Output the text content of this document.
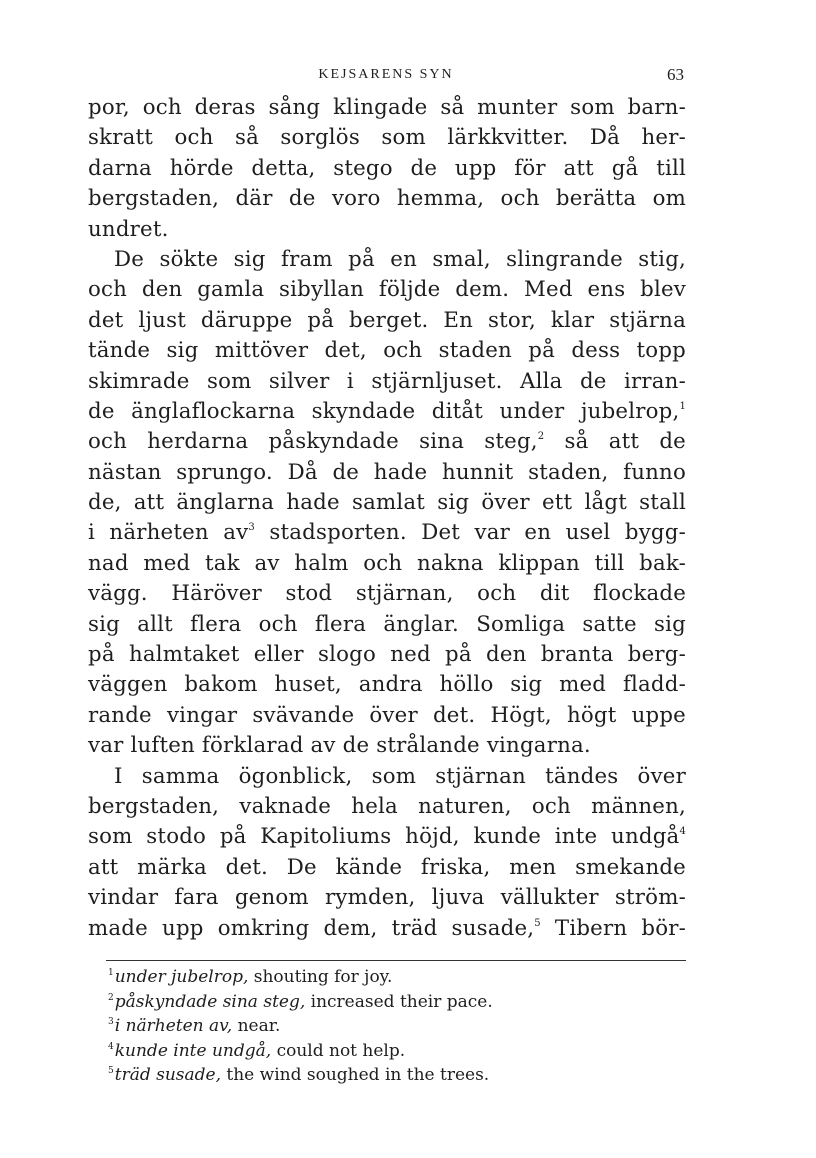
KEJSARENS SYN	63
por, och deras sång klingade så munter som barn-
skratt och så sorglös som lärkkvitter. Då her-
darna hörde detta, stego de upp för att gå till
bergstaden, där de voro hemma, och berätta om
undret.
De sökte sig fram på en smal, slingrande stig,
och den gamla sibyllan följde dem. Med ens blev
det ljust däruppe på berget. En stor, klar stjärna
tände sig mittöver det, och staden på dess topp
skimrade som silver i stjärnljuset. Alla de irran-
de änglaflockarna skyndade ditåt under jubelrop,$^1$
och herdarna påskyndade sina steg,$^2$ så att de
nästan sprungo. Då de hade hunnit staden, funno
de, att änglarna hade samlat sig över ett lågt stall
i närheten $av^3$ stadsporten. Det var en usel bygg-
nad med tak av halm och nakna klippan till bak-
vägg. Häröver stod stjärnan, och dit flockade
sig allt flera och flera änglar. Somliga satte sig
på halmtaket eller slogo ned på den branta berg-
väggen bakom huset, andra höllo sig med fladd-
rande vingar svävande över det. Högt, högt uppe
var luften förklarad av de strålande vingarna.
I samma ögonblick, som stjärnan tändes över
bergstaden, vaknade hela naturen, och männen,
som stodo på Kapitoliums höjd, kunde inte undgå$^4$
att märka det. De kände friska, men smekande
vindar fara genom rymden, ljuva vällukter ström-
made upp omkring dem, träd susade,$^5$ Tibern bör-
$^1$under jubelrop, shouting for joy.
$^2$påskyndade sina steg, increased their pace.
$^3$i närheten av, near.
$^4$kunde inte undgå, could not help.
$^5$träd susade, the wind soughed in the trees.
